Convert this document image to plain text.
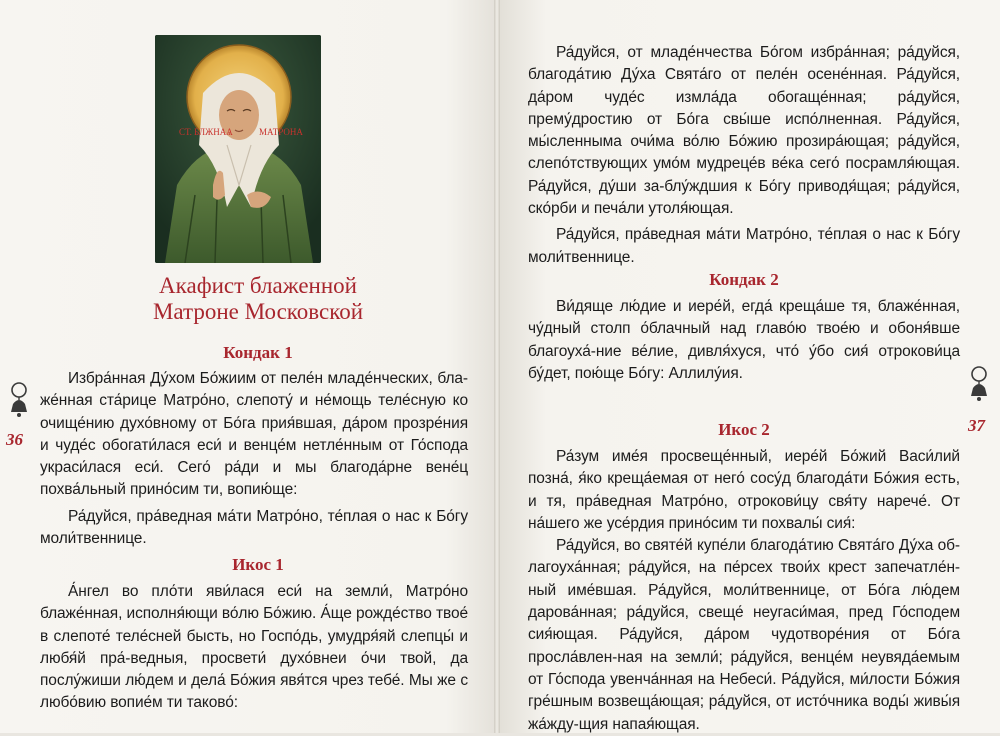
СТ. БЛЖНАѦ	МАТРОНА
Акафист блаженной
Матроне Московской
Кондак 1

Избра́нная Ду́хом Бо́жиим от пеле́н младе́нческих, бла-же́нная ста́рице Матро́но, слепоту́ и не́мощь теле́сную ко очище́нию духо́вному от Бо́га прия́вшая, да́ром прозре́ния и чуде́с обогати́лася еси́ и венце́м нетле́нным от Го́спода украси́лася еси́. Сего́ ра́ди и мы благода́рне вене́ц похва́льный прино́сим ти, вопию́ще:

Ра́дуйся, пра́ведная ма́ти Матро́но, те́плая о нас к Бо́гу моли́твеннице.

Икос 1

А́нгел во пло́ти яви́лася еси́ на земли́, Матро́но блаже́нная, исполня́ющи во́лю Бо́жию. А́ще рожде́ство твое́ в слепоте́ теле́сней бысть, но Госпо́дь, умудря́яй слепцы́ и любя́й пра́-ведныя, просвети́ духо́внеи о́чи твой, да послу́жиши лю́дем и дела́ Бо́жия явя́тся чрез тебе́. Мы же с любо́вию вопие́м ти таково́:

36

Ра́дуйся, от младе́нчества Бо́гом избра́нная; ра́дуйся, благода́тию Ду́ха Свята́го от пеле́н осене́нная. Ра́дуйся, да́ром чуде́с измла́да обогаще́нная; ра́дуйся, прему́дростию от Бо́га свы́ше испо́лненная. Ра́дуйся, мы́сленныма очи́ма во́лю Бо́жию прозира́ющая; ра́дуйся, слепо́тствующих умо́м мудреце́в ве́ка сего́ посрамля́ющая. Ра́дуйся, ду́ши за-блу́ждшия к Бо́гу приводя́щая; ра́дуйся, ско́рби и печа́ли утоля́ющая.

Ра́дуйся, пра́ведная ма́ти Матро́но, те́плая о нас к Бо́гу моли́твеннице.

Кондак 2

Ви́дяще лю́дие и иере́й, егда́ креща́ше тя, блаже́нная, чу́дный столп о́блачный над главо́ю твое́ю и обоня́вше благоуха́-ние ве́лие, дивля́хуся, что́ у́бо сия́ отрокови́ца бу́дет, пою́ще Бо́гу: Аллилу́ия.

Икос 2

Ра́зум име́я просвеще́нный, иере́й Бо́жий Васи́лий позна́, я́ко креща́емая от него́ сосу́д благода́ти Бо́жия есть, и тя, пра́ведная Матро́но, отрокови́цу свя́ту нарече́. От на́шего же усе́рдия прино́сим ти похвалы́ сия́:

Ра́дуйся, во святе́й купе́ли благода́тию Свята́го Ду́ха об-лагоуха́нная; ра́дуйся, на пе́рсех твои́х крест запечатле́н-ный име́вшая. Ра́дуйся, моли́твеннице, от Бо́га лю́дем дарова́нная; ра́дуйся, свеще́ неугаси́мая, пред Го́сподем сия́ющая. Ра́дуйся, да́ром чудотворе́ния от Бо́га просла́влен-ная на земли́; ра́дуйся, венце́м неувяда́емым от Го́спода увенча́нная на Небеси́. Ра́дуйся, ми́лости Бо́жия гре́шным возвеща́ющая; ра́дуйся, от исто́чника воды́ живы́я жа́жду-щия напая́ющая.

37
